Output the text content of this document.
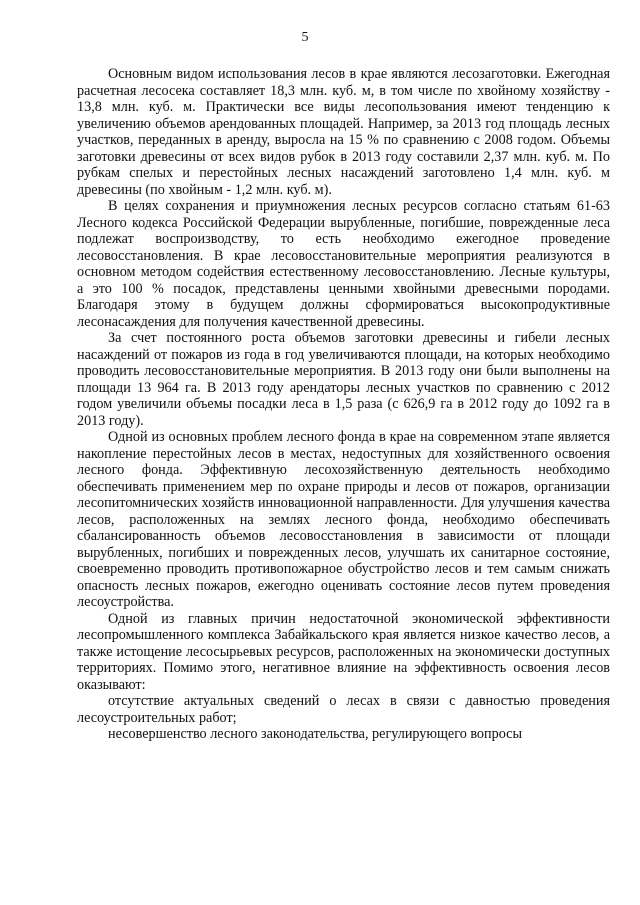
5

Основным видом использования лесов в крае являются лесозаготовки. Ежегодная расчетная лесосека составляет 18,3 млн. куб. м, в том числе по хвойному хозяйству - 13,8 млн. куб. м. Практически все виды лесопользования имеют тенденцию к увеличению объемов арендованных площадей. Например, за 2013 год площадь лесных участков, переданных в аренду, выросла на 15 % по сравнению с 2008 годом. Объемы заготовки древесины от всех видов рубок в 2013 году составили 2,37 млн. куб. м. По рубкам спелых и перестойных лесных насаждений заготовлено 1,4 млн. куб. м древесины (по хвойным - 1,2 млн. куб. м).

В целях сохранения и приумножения лесных ресурсов согласно статьям 61-63 Лесного кодекса Российской Федерации вырубленные, погибшие, поврежденные леса подлежат воспроизводству, то есть необходимо ежегодное проведение лесовосстановления. В крае лесовосстановительные мероприятия реализуются в основном методом содействия естественному лесовосстановлению. Лесные культуры, а это 100 % посадок, представлены ценными хвойными древесными породами. Благодаря этому в будущем должны сформироваться высокопродуктивные лесонасаждения для получения качественной древесины.

За счет постоянного роста объемов заготовки древесины и гибели лесных насаждений от пожаров из года в год увеличиваются площади, на которых необходимо проводить лесовосстановительные мероприятия. В 2013 году они были выполнены на площади 13 964 га. В 2013 году арендаторы лесных участков по сравнению с 2012 годом увеличили объемы посадки леса в 1,5 раза (с 626,9 га в 2012 году до 1092 га в 2013 году).

Одной из основных проблем лесного фонда в крае на современном этапе является накопление перестойных лесов в местах, недоступных для хозяйственного освоения лесного фонда. Эффективную лесохозяйственную деятельность необходимо обеспечивать применением мер по охране природы и лесов от пожаров, организации лесопитомнических хозяйств инновационной направленности. Для улучшения качества лесов, расположенных на землях лесного фонда, необходимо обеспечивать сбалансированность объемов лесовосстановления в зависимости от площади вырубленных, погибших и поврежденных лесов, улучшать их санитарное состояние, своевременно проводить противопожарное обустройство лесов и тем самым снижать опасность лесных пожаров, ежегодно оценивать состояние лесов путем проведения лесоустройства.

Одной из главных причин недостаточной экономической эффективности лесопромышленного комплекса Забайкальского края является низкое качество лесов, а также истощение лесосырьевых ресурсов, расположенных на экономически доступных территориях. Помимо этого, негативное влияние на эффективность освоения лесов оказывают:

отсутствие актуальных сведений о лесах в связи с давностью проведения лесоустроительных работ;

несовершенство лесного законодательства, регулирующего вопросы
